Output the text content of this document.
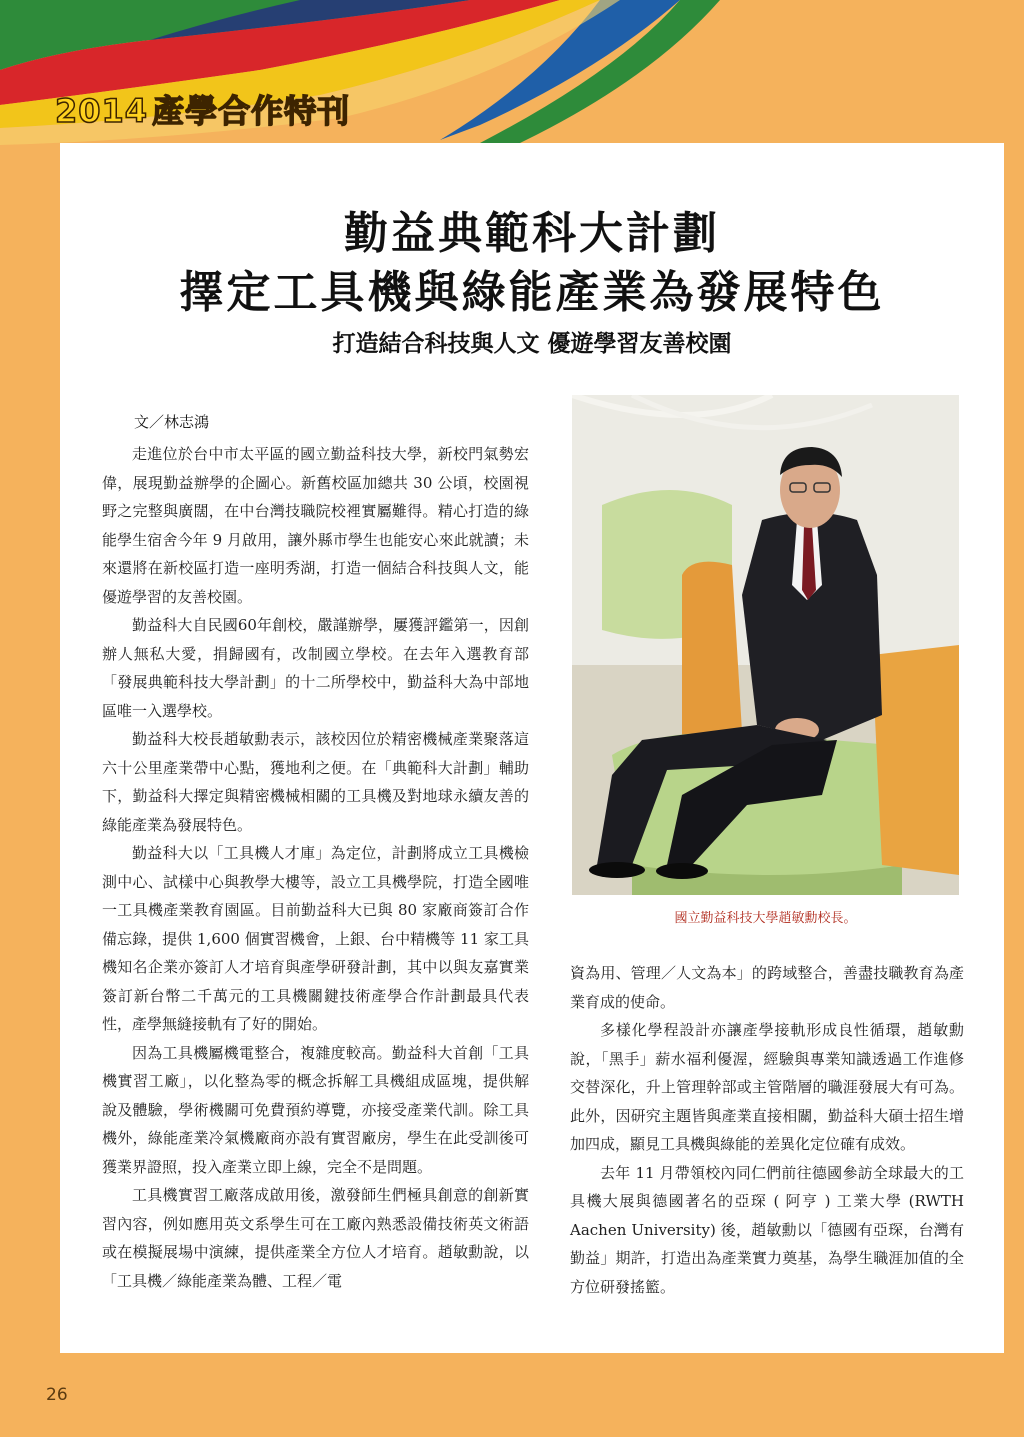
2014 產學合作特刊
勤益典範科大計劃
擇定工具機與綠能產業為發展特色
打造結合科技與人文 優遊學習友善校園

文／林志鴻

走進位於台中市太平區的國立勤益科技大學，新校門氣勢宏偉，展現勤益辦學的企圖心。新舊校區加總共 30 公頃，校園視野之完整與廣闊，在中台灣技職院校裡實屬難得。精心打造的綠能學生宿舍今年 9 月啟用，讓外縣市學生也能安心來此就讀；未來還將在新校區打造一座明秀湖，打造一個結合科技與人文，能優遊學習的友善校園。

勤益科大自民國60年創校，嚴謹辦學，屢獲評鑑第一，因創辦人無私大愛，捐歸國有，改制國立學校。在去年入選教育部「發展典範科技大學計劃」的十二所學校中，勤益科大為中部地區唯一入選學校。

勤益科大校長趙敏勳表示，該校因位於精密機械產業聚落這六十公里產業帶中心點，獲地利之便。在「典範科大計劃」輔助下，勤益科大擇定與精密機械相關的工具機及對地球永續友善的綠能產業為發展特色。

勤益科大以「工具機人才庫」為定位，計劃將成立工具機檢測中心、試樣中心與教學大樓等，設立工具機學院，打造全國唯一工具機產業教育園區。目前勤益科大已與 80 家廠商簽訂合作備忘錄，提供 1,600 個實習機會，上銀、台中精機等 11 家工具機知名企業亦簽訂人才培育與產學研發計劃，其中以與友嘉實業簽訂新台幣二千萬元的工具機關鍵技術產學合作計劃最具代表性，產學無縫接軌有了好的開始。

因為工具機屬機電整合，複雜度較高。勤益科大首創「工具機實習工廠」，以化整為零的概念拆解工具機組成區塊，提供解說及體驗，學術機關可免費預約導覽，亦接受產業代訓。除工具機外，綠能產業冷氣機廠商亦設有實習廠房，學生在此受訓後可獲業界證照，投入產業立即上線，完全不是問題。

工具機實習工廠落成啟用後，激發師生們極具創意的創新實習內容，例如應用英文系學生可在工廠內熟悉設備技術英文術語或在模擬展場中演練，提供產業全方位人才培育。趙敏勳說，以「工具機／綠能產業為體、工程／電

國立勤益科技大學趙敏勳校長。

資為用、管理／人文為本」的跨域整合，善盡技職教育為產業育成的使命。

多樣化學程設計亦讓產學接軌形成良性循環，趙敏勳說，「黑手」薪水福利優渥，經驗與專業知識透過工作進修交替深化，升上管理幹部或主管階層的職涯發展大有可為。此外，因研究主題皆與產業直接相關，勤益科大碩士招生增加四成，顯見工具機與綠能的差異化定位確有成效。

去年 11 月帶領校內同仁們前往德國參訪全球最大的工具機大展與德國著名的亞琛 ( 阿亨 ) 工業大學 (RWTH Aachen University) 後，趙敏勳以「德國有亞琛，台灣有勤益」期許，打造出為產業實力奠基，為學生職涯加值的全方位研發搖籃。

26
